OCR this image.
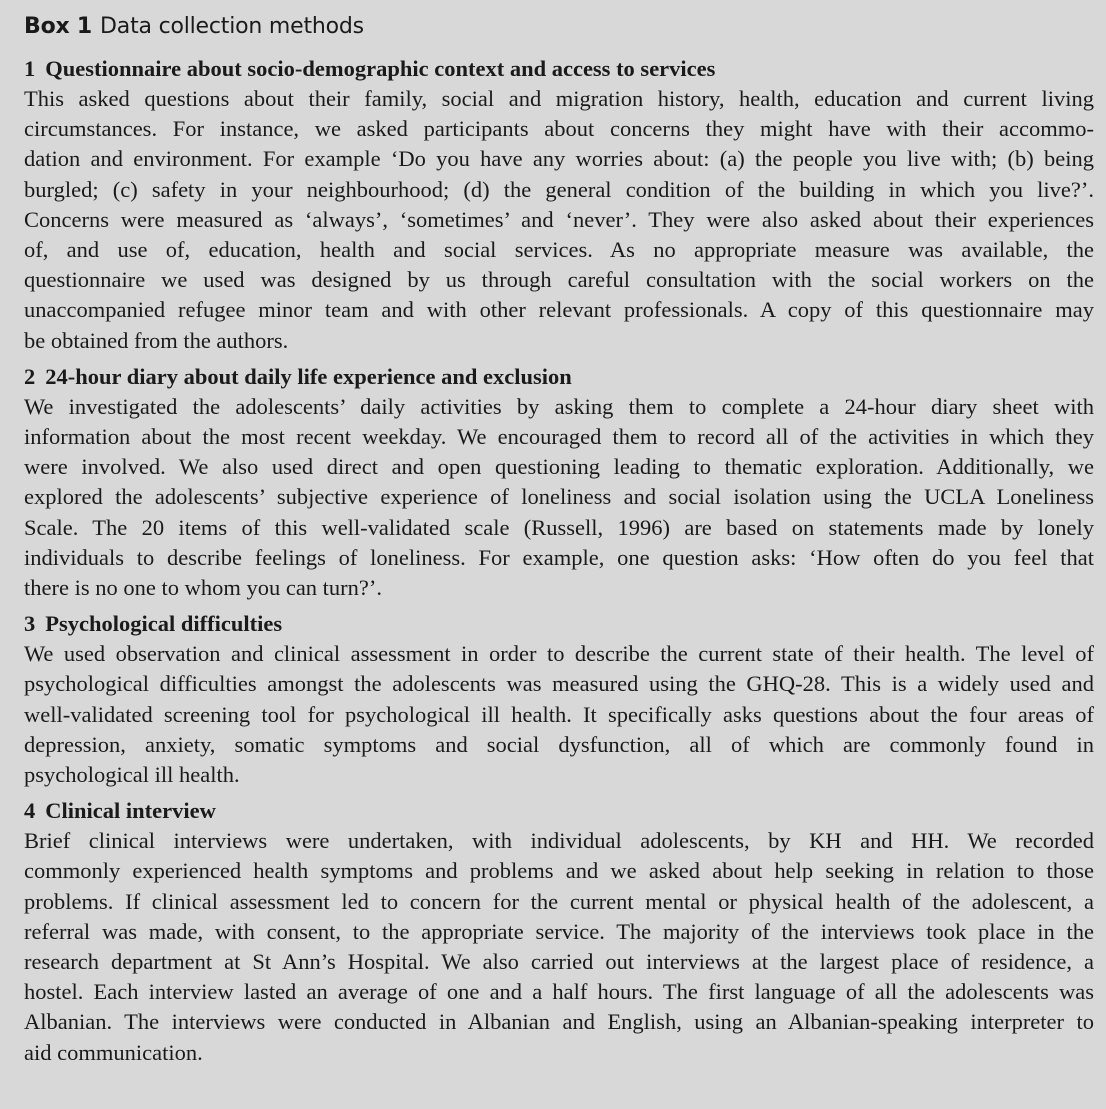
Box 1 Data collection methods
1 Questionnaire about socio-demographic context and access to services
This asked questions about their family, social and migration history, health, education and current living
circumstances. For instance, we asked participants about concerns they might have with their accommo-
dation and environment. For example ‘Do you have any worries about: (a) the people you live with; (b) being
burgled; (c) safety in your neighbourhood; (d) the general condition of the building in which you live?’.
Concerns were measured as ‘always’, ‘sometimes’ and ‘never’. They were also asked about their experiences
of, and use of, education, health and social services. As no appropriate measure was available, the
questionnaire we used was designed by us through careful consultation with the social workers on the
unaccompanied refugee minor team and with other relevant professionals. A copy of this questionnaire may
be obtained from the authors.
2 24-hour diary about daily life experience and exclusion
We investigated the adolescents’ daily activities by asking them to complete a 24-hour diary sheet with
information about the most recent weekday. We encouraged them to record all of the activities in which they
were involved. We also used direct and open questioning leading to thematic exploration. Additionally, we
explored the adolescents’ subjective experience of loneliness and social isolation using the UCLA Loneliness
Scale. The 20 items of this well-validated scale (Russell, 1996) are based on statements made by lonely
individuals to describe feelings of loneliness. For example, one question asks: ‘How often do you feel that
there is no one to whom you can turn?’.
3 Psychological difficulties
We used observation and clinical assessment in order to describe the current state of their health. The level of
psychological difficulties amongst the adolescents was measured using the GHQ-28. This is a widely used and
well-validated screening tool for psychological ill health. It specifically asks questions about the four areas of
depression, anxiety, somatic symptoms and social dysfunction, all of which are commonly found in
psychological ill health.
4 Clinical interview
Brief clinical interviews were undertaken, with individual adolescents, by KH and HH. We recorded
commonly experienced health symptoms and problems and we asked about help seeking in relation to those
problems. If clinical assessment led to concern for the current mental or physical health of the adolescent, a
referral was made, with consent, to the appropriate service. The majority of the interviews took place in the
research department at St Ann’s Hospital. We also carried out interviews at the largest place of residence, a
hostel. Each interview lasted an average of one and a half hours. The first language of all the adolescents was
Albanian. The interviews were conducted in Albanian and English, using an Albanian-speaking interpreter to
aid communication.
